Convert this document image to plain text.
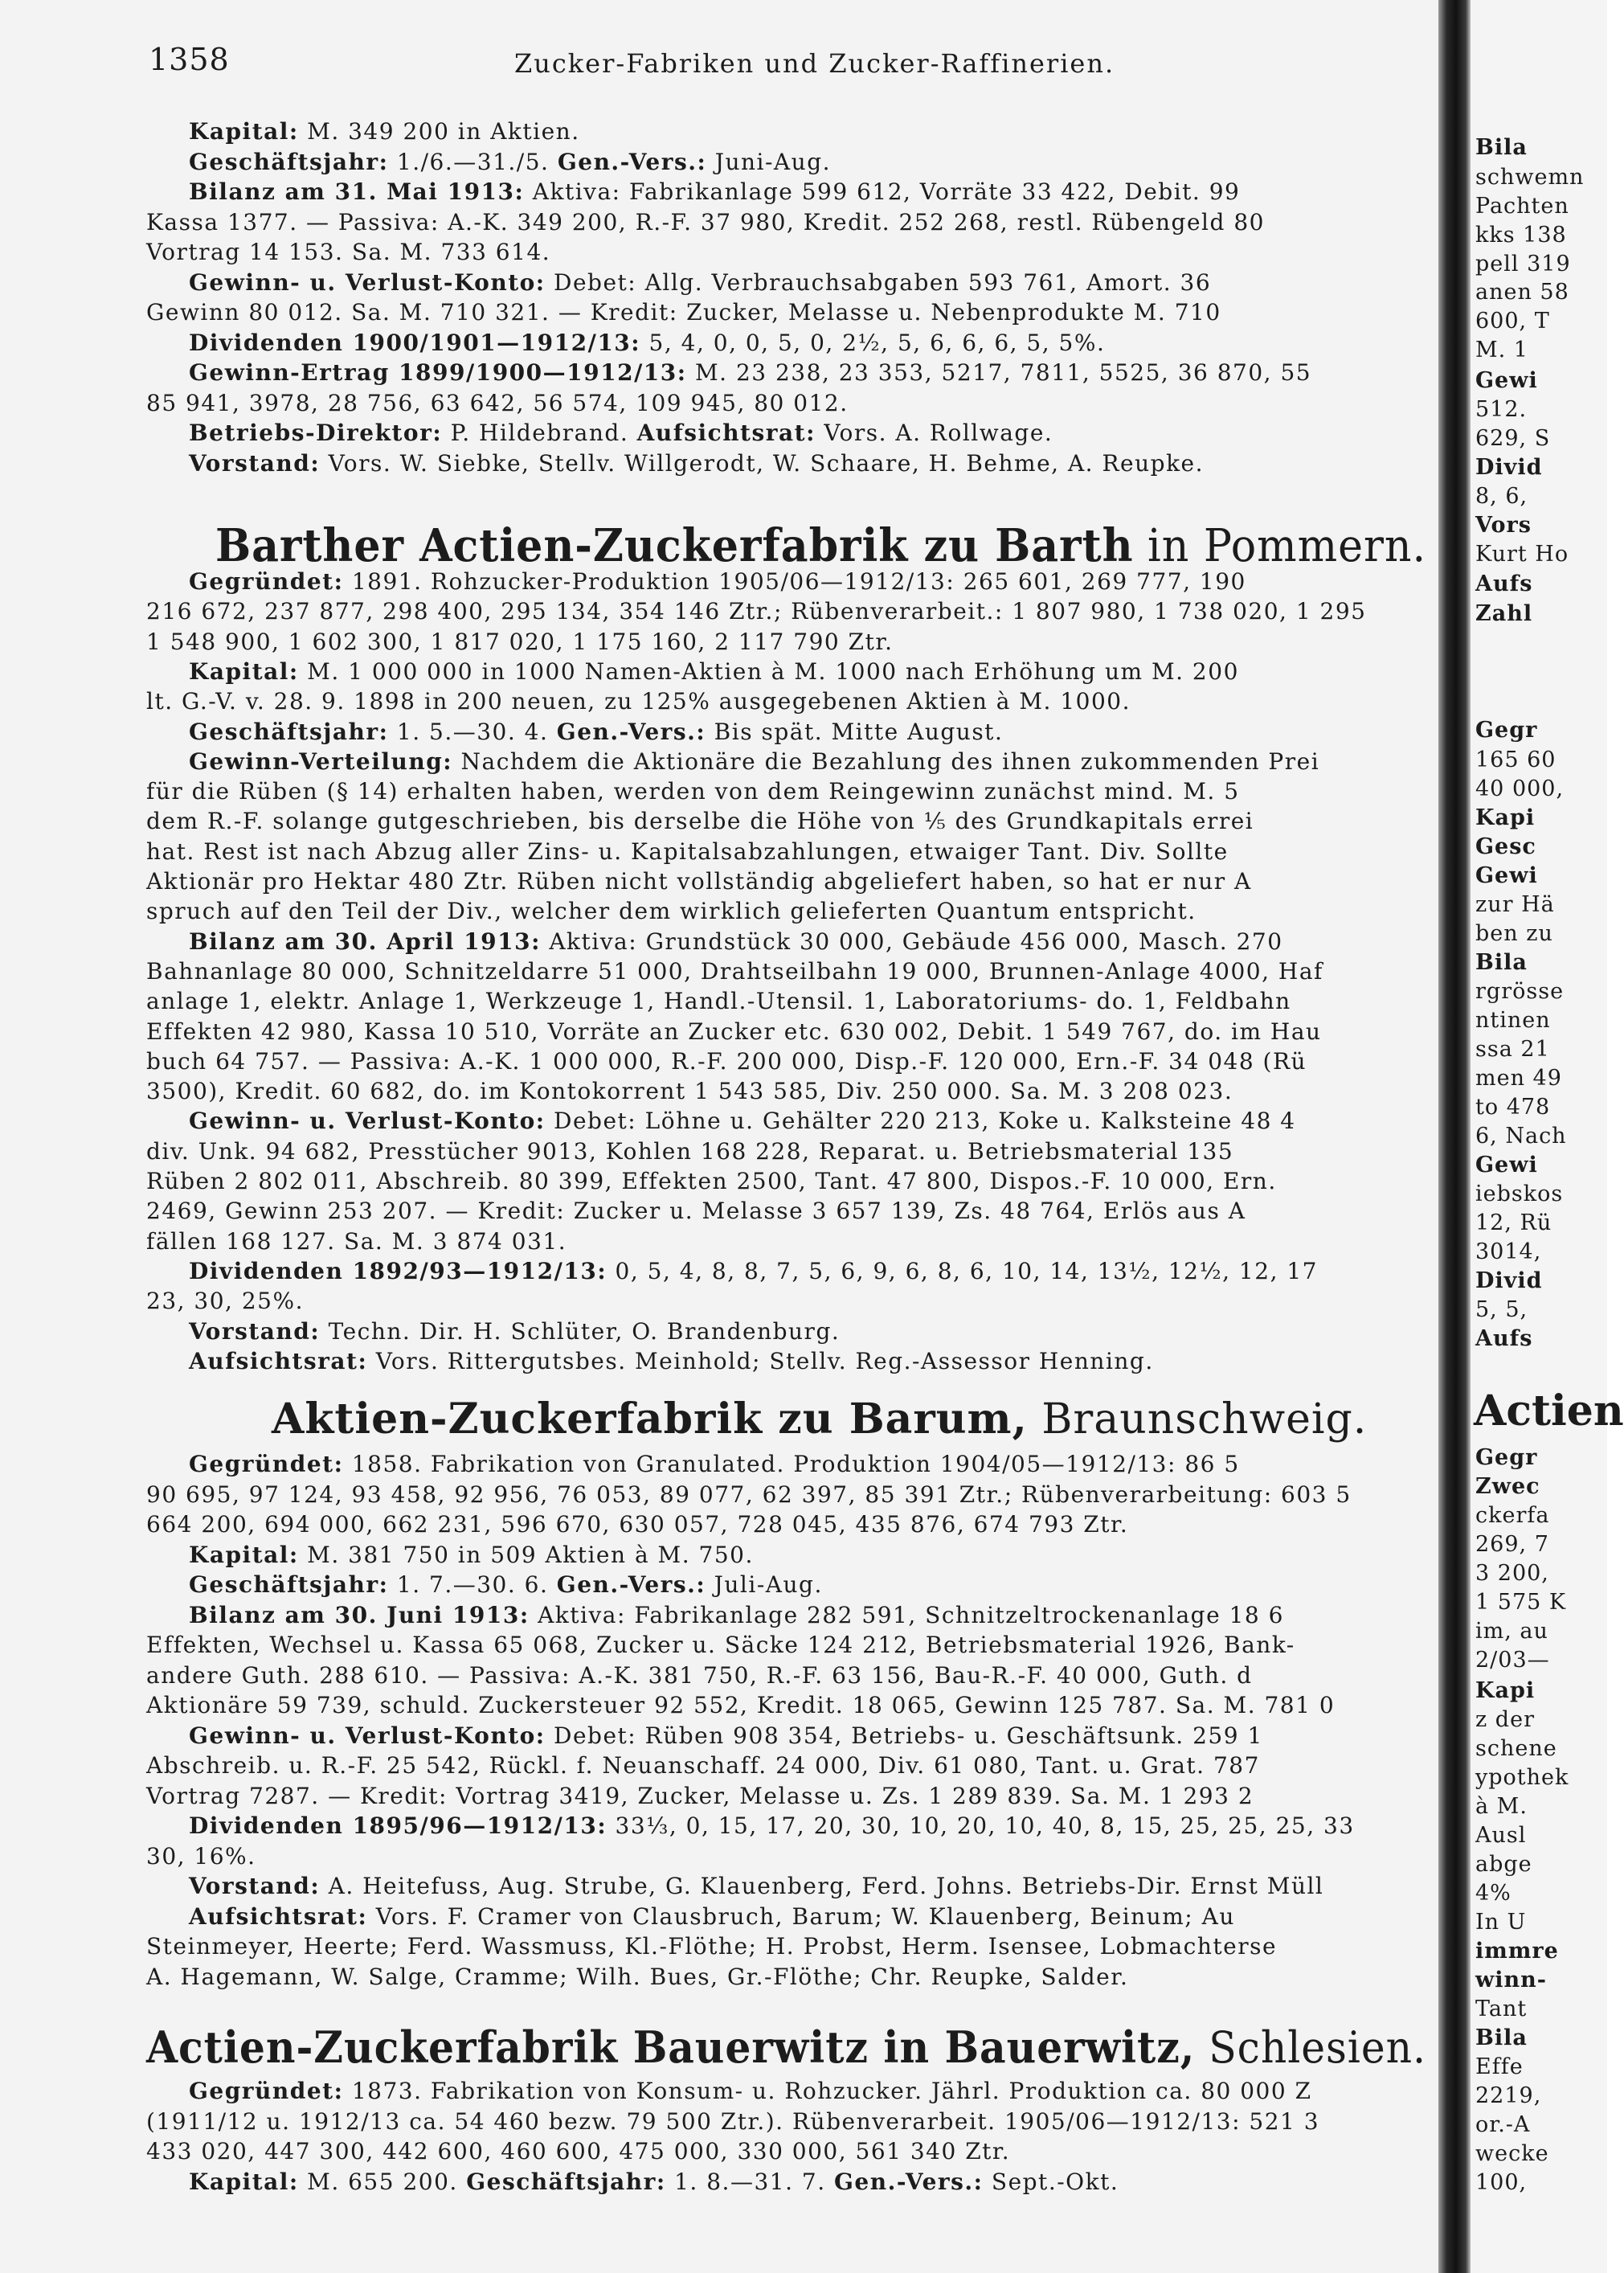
1358	Zucker-Fabriken und Zucker-Raffinerien.
Kapital: M. 349 200 in Aktien.
Geschäftsjahr: 1./6.—31./5. Gen.-Vers.: Juni-Aug.
Bilanz am 31. Mai 1913: Aktiva: Fabrikanlage 599 612, Vorräte 33 422, Debit. 99
Kassa 1377. — Passiva: A.-K. 349 200, R.-F. 37 980, Kredit. 252 268, restl. Rübengeld 80
Vortrag 14 153. Sa. M. 733 614.
Gewinn- u. Verlust-Konto: Debet: Allg. Verbrauchsabgaben 593 761, Amort. 36
Gewinn 80 012. Sa. M. 710 321. — Kredit: Zucker, Melasse u. Nebenprodukte M. 710
Dividenden 1900/1901—1912/13: 5, 4, 0, 0, 5, 0, 2½, 5, 6, 6, 6, 5, 5%.
Gewinn-Ertrag 1899/1900—1912/13: M. 23 238, 23 353, 5217, 7811, 5525, 36 870, 55
85 941, 3978, 28 756, 63 642, 56 574, 109 945, 80 012.
Betriebs-Direktor: P. Hildebrand. Aufsichtsrat: Vors. A. Rollwage.
Vorstand: Vors. W. Siebke, Stellv. Willgerodt, W. Schaare, H. Behme, A. Reupke.
Barther Actien-Zuckerfabrik zu Barth in Pommern.
Gegründet: 1891. Rohzucker-Produktion 1905/06—1912/13: 265 601, 269 777, 190
216 672, 237 877, 298 400, 295 134, 354 146 Ztr.; Rübenverarbeit.: 1 807 980, 1 738 020, 1 295
1 548 900, 1 602 300, 1 817 020, 1 175 160, 2 117 790 Ztr.
Kapital: M. 1 000 000 in 1000 Namen-Aktien à M. 1000 nach Erhöhung um M. 200
lt. G.-V. v. 28. 9. 1898 in 200 neuen, zu 125% ausgegebenen Aktien à M. 1000.
Geschäftsjahr: 1. 5.—30. 4. Gen.-Vers.: Bis spät. Mitte August.
Gewinn-Verteilung: Nachdem die Aktionäre die Bezahlung des ihnen zukommenden Prei
für die Rüben (§ 14) erhalten haben, werden von dem Reingewinn zunächst mind. M. 5
dem R.-F. solange gutgeschrieben, bis derselbe die Höhe von ⅕ des Grundkapitals errei
hat. Rest ist nach Abzug aller Zins- u. Kapitalsabzahlungen, etwaiger Tant. Div. Sollte
Aktionär pro Hektar 480 Ztr. Rüben nicht vollständig abgeliefert haben, so hat er nur A
spruch auf den Teil der Div., welcher dem wirklich gelieferten Quantum entspricht.
Bilanz am 30. April 1913: Aktiva: Grundstück 30 000, Gebäude 456 000, Masch. 270
Bahnanlage 80 000, Schnitzeldarre 51 000, Drahtseilbahn 19 000, Brunnen-Anlage 4000, Haf
anlage 1, elektr. Anlage 1, Werkzeuge 1, Handl.-Utensil. 1, Laboratoriums- do. 1, Feldbahn
Effekten 42 980, Kassa 10 510, Vorräte an Zucker etc. 630 002, Debit. 1 549 767, do. im Hau
buch 64 757. — Passiva: A.-K. 1 000 000, R.-F. 200 000, Disp.-F. 120 000, Ern.-F. 34 048 (Rü
3500), Kredit. 60 682, do. im Kontokorrent 1 543 585, Div. 250 000. Sa. M. 3 208 023.
Gewinn- u. Verlust-Konto: Debet: Löhne u. Gehälter 220 213, Koke u. Kalksteine 48 4
div. Unk. 94 682, Presstücher 9013, Kohlen 168 228, Reparat. u. Betriebsmaterial 135
Rüben 2 802 011, Abschreib. 80 399, Effekten 2500, Tant. 47 800, Dispos.-F. 10 000, Ern.
2469, Gewinn 253 207. — Kredit: Zucker u. Melasse 3 657 139, Zs. 48 764, Erlös aus A
fällen 168 127. Sa. M. 3 874 031.
Dividenden 1892/93—1912/13: 0, 5, 4, 8, 8, 7, 5, 6, 9, 6, 8, 6, 10, 14, 13½, 12½, 12, 17
23, 30, 25%.
Vorstand: Techn. Dir. H. Schlüter, O. Brandenburg.
Aufsichtsrat: Vors. Rittergutsbes. Meinhold; Stellv. Reg.-Assessor Henning.
Aktien-Zuckerfabrik zu Barum, Braunschweig.
Gegründet: 1858. Fabrikation von Granulated. Produktion 1904/05—1912/13: 86 5
90 695, 97 124, 93 458, 92 956, 76 053, 89 077, 62 397, 85 391 Ztr.; Rübenverarbeitung: 603 5
664 200, 694 000, 662 231, 596 670, 630 057, 728 045, 435 876, 674 793 Ztr.
Kapital: M. 381 750 in 509 Aktien à M. 750.
Geschäftsjahr: 1. 7.—30. 6. Gen.-Vers.: Juli-Aug.
Bilanz am 30. Juni 1913: Aktiva: Fabrikanlage 282 591, Schnitzeltrockenanlage 18 6
Effekten, Wechsel u. Kassa 65 068, Zucker u. Säcke 124 212, Betriebsmaterial 1926, Bank-
andere Guth. 288 610. — Passiva: A.-K. 381 750, R.-F. 63 156, Bau-R.-F. 40 000, Guth. d
Aktionäre 59 739, schuld. Zuckersteuer 92 552, Kredit. 18 065, Gewinn 125 787. Sa. M. 781 0
Gewinn- u. Verlust-Konto: Debet: Rüben 908 354, Betriebs- u. Geschäftsunk. 259 1
Abschreib. u. R.-F. 25 542, Rückl. f. Neuanschaff. 24 000, Div. 61 080, Tant. u. Grat. 787
Vortrag 7287. — Kredit: Vortrag 3419, Zucker, Melasse u. Zs. 1 289 839. Sa. M. 1 293 2
Dividenden 1895/96—1912/13: 33⅓, 0, 15, 17, 20, 30, 10, 20, 10, 40, 8, 15, 25, 25, 25, 33
30, 16%.
Vorstand: A. Heitefuss, Aug. Strube, G. Klauenberg, Ferd. Johns. Betriebs-Dir. Ernst Müll
Aufsichtsrat: Vors. F. Cramer von Clausbruch, Barum; W. Klauenberg, Beinum; Au
Steinmeyer, Heerte; Ferd. Wassmuss, Kl.-Flöthe; H. Probst, Herm. Isensee, Lobmachterse
A. Hagemann, W. Salge, Cramme; Wilh. Bues, Gr.-Flöthe; Chr. Reupke, Salder.
Actien-Zuckerfabrik Bauerwitz in Bauerwitz, Schlesien.
Gegründet: 1873. Fabrikation von Konsum- u. Rohzucker. Jährl. Produktion ca. 80 000 Z
(1911/12 u. 1912/13 ca. 54 460 bezw. 79 500 Ztr.). Rübenverarbeit. 1905/06—1912/13: 521 3
433 020, 447 300, 442 600, 460 600, 475 000, 330 000, 561 340 Ztr.
Kapital: M. 655 200. Geschäftsjahr: 1. 8.—31. 7. Gen.-Vers.: Sept.-Okt.
Actien
Bila
schwemn
Pachten
kks 138
pell 319
anen 58
600, T
M. 1
Gewi
512.
629, S
Divid
8, 6,
Vors
Kurt Ho
Aufs
Zahl
Gegr
165 60
40 000,
Kapi
Gesc
Gewi
zur Hä
ben zu
Bila
rgrösse
ntinen
ssa 21
men 49
to 478
6, Nach
Gewi
iebskos
12, Rü
3014,
Divid
5, 5,
Aufs
Gegr
Zwec
ckerfa
269, 7
3 200,
1 575 K
im, au
2/03—
Kapi
z der
schene
ypothek
à M.
Ausl
abge
4%
In U
immre
winn-
Tant
Bila
Effe
2219,
or.-A
wecke
100,
